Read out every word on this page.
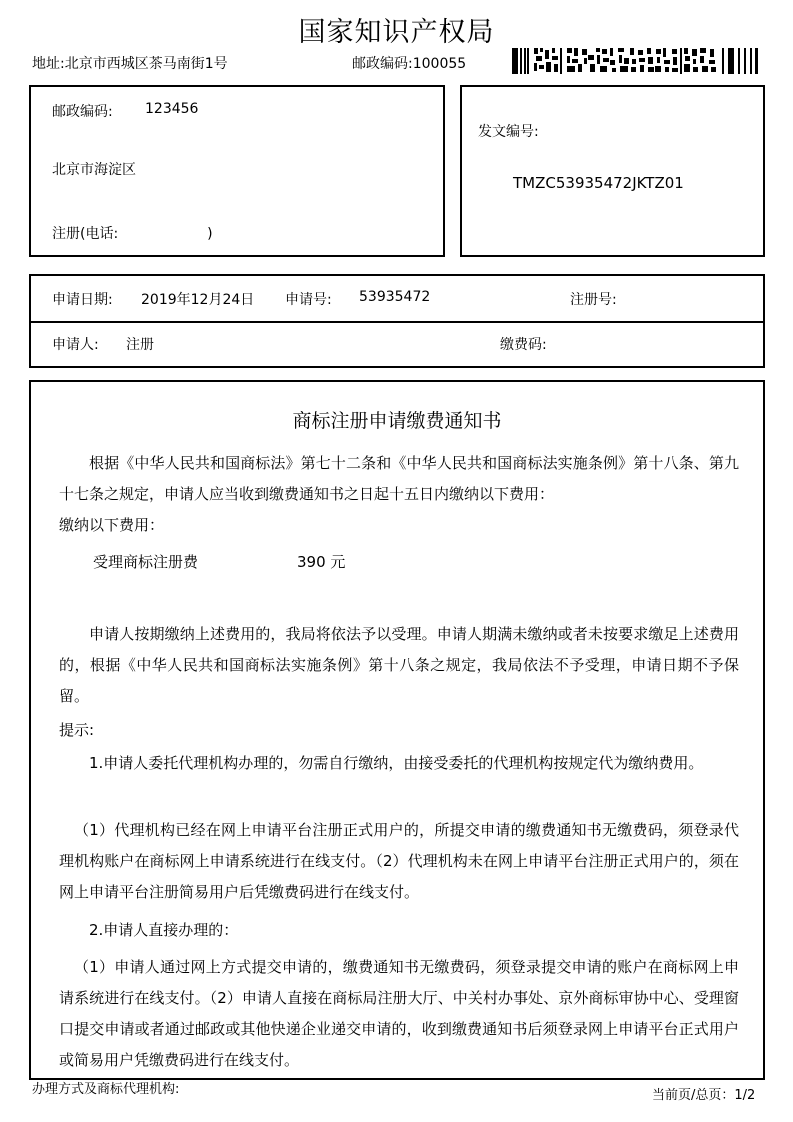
国家知识产权局
地址:北京市西城区茶马南街1号	邮政编码:100055
邮政编码: 123456
北京市海淀区
注册(电话:                    )
发文编号:
TMZC53935472JKTZ01
申请日期: 2019年12月24日 申请号: 53935472	注册号:
申请人: 注册	缴费码:
商标注册申请缴费通知书
根据《中华人民共和国商标法》第七十二条和《中华人民共和国商标法实施条例》第十八条、第九十七条之规定，申请人应当收到缴费通知书之日起十五日内缴纳以下费用：
缴纳以下费用：
受理商标注册费	390 元
申请人按期缴纳上述费用的，我局将依法予以受理。申请人期满未缴纳或者未按要求缴足上述费用的，根据《中华人民共和国商标法实施条例》第十八条之规定，我局依法不予受理，申请日期不予保留。
提示:
1.申请人委托代理机构办理的，勿需自行缴纳，由接受委托的代理机构按规定代为缴纳费用。
（1）代理机构已经在网上申请平台注册正式用户的，所提交申请的缴费通知书无缴费码，须登录代理机构账户在商标网上申请系统进行在线支付。（2）代理机构未在网上申请平台注册正式用户的，须在网上申请平台注册简易用户后凭缴费码进行在线支付。
2.申请人直接办理的：
（1）申请人通过网上方式提交申请的，缴费通知书无缴费码，须登录提交申请的账户在商标网上申请系统进行在线支付。（2）申请人直接在商标局注册大厅、中关村办事处、京外商标审协中心、受理窗口提交申请或者通过邮政或其他快递企业递交申请的，收到缴费通知书后须登录网上申请平台正式用户或简易用户凭缴费码进行在线支付。
办理方式及商标代理机构:	当前页/总页：1/2
